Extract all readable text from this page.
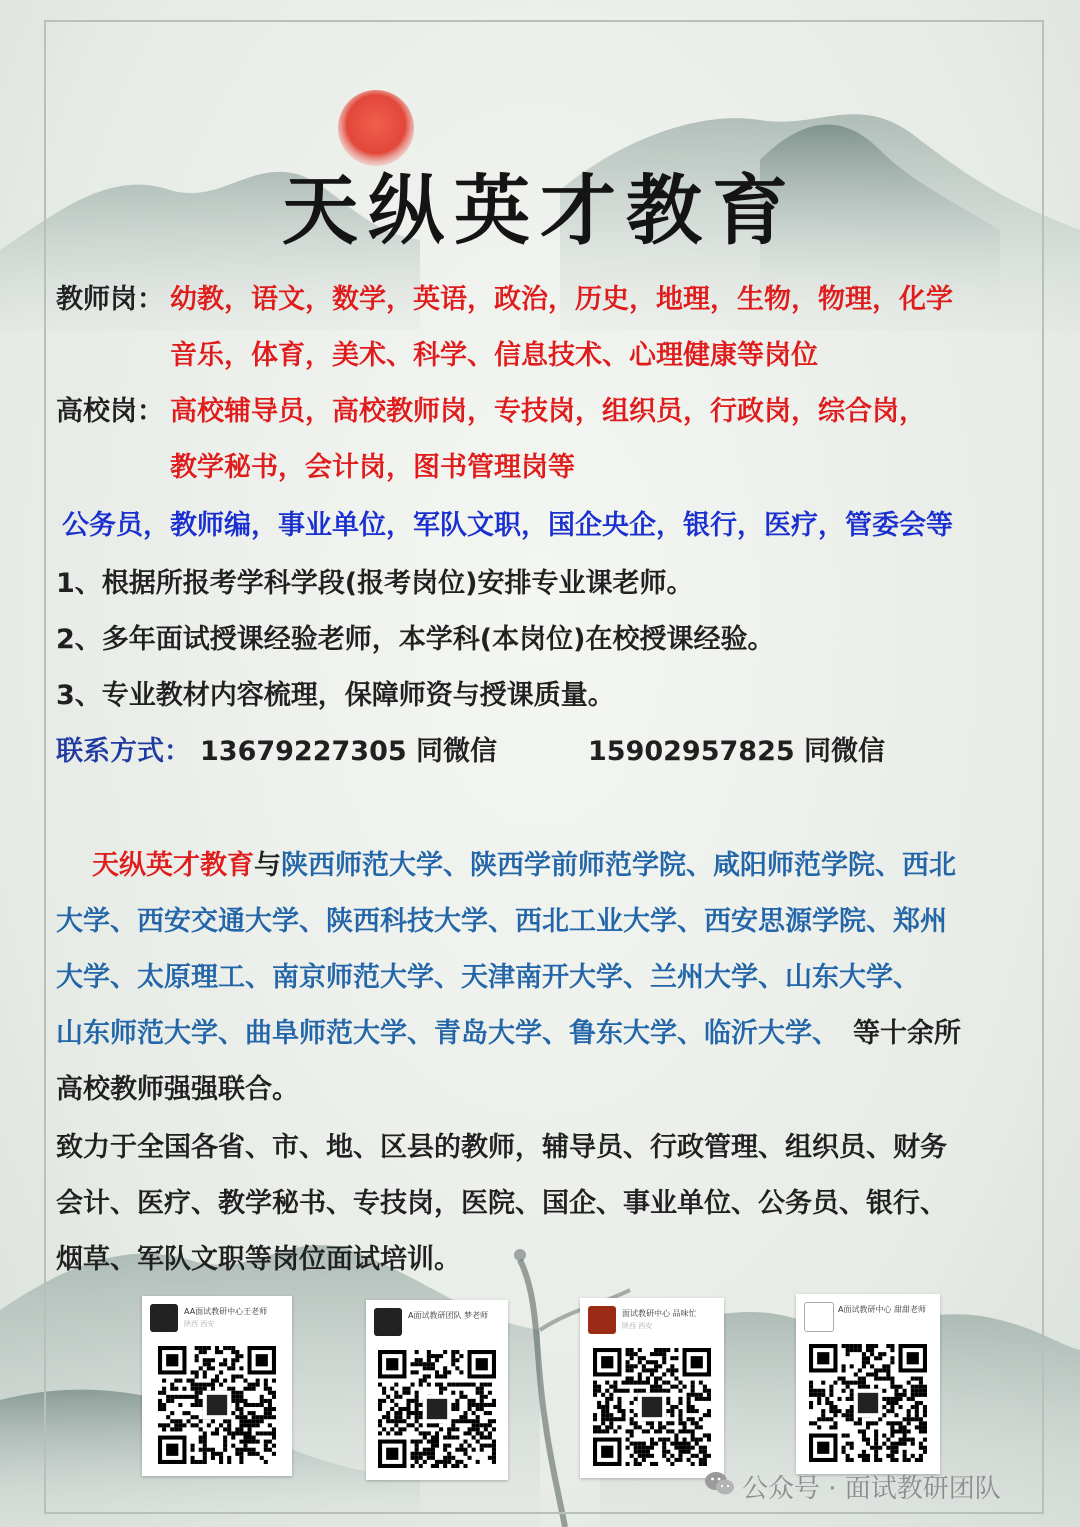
天纵英才教育
教师岗： 幼教，语文，数学，英语，政治，历史，地理，生物，物理，化学
音乐，体育，美术、科学、信息技术、心理健康等岗位
高校岗： 高校辅导员，高校教师岗，专技岗，组织员，行政岗，综合岗，
教学秘书，会计岗，图书管理岗等
公务员，教师编，事业单位，军队文职，国企央企，银行，医疗，管委会等
1、根据所报考学科学段(报考岗位)安排专业课老师。
2、多年面试授课经验老师，本学科(本岗位)在校授课经验。
3、专业教材内容梳理，保障师资与授课质量。
联系方式： 13679227305 同微信	15902957825 同微信
天纵英才教育与陕西师范大学、陕西学前师范学院、咸阳师范学院、西北
大学、西安交通大学、陕西科技大学、西北工业大学、西安思源学院、郑州
大学、太原理工、南京师范大学、天津南开大学、兰州大学、山东大学、
山东师范大学、曲阜师范大学、青岛大学、鲁东大学、临沂大学、 等十余所
高校教师强强联合。
致力于全国各省、市、地、区县的教师，辅导员、行政管理、组织员、财务
会计、医疗、教学秘书、专技岗，医院、国企、事业单位、公务员、银行、
烟草、军队文职等岗位面试培训。
AA面试教研中心王老师
陕西 西安
A面试教研团队 梦老师	面试教研中心 品味忙
陕西 西安
A面试教研中心 甜甜老师
公众号 · 面试教研团队
